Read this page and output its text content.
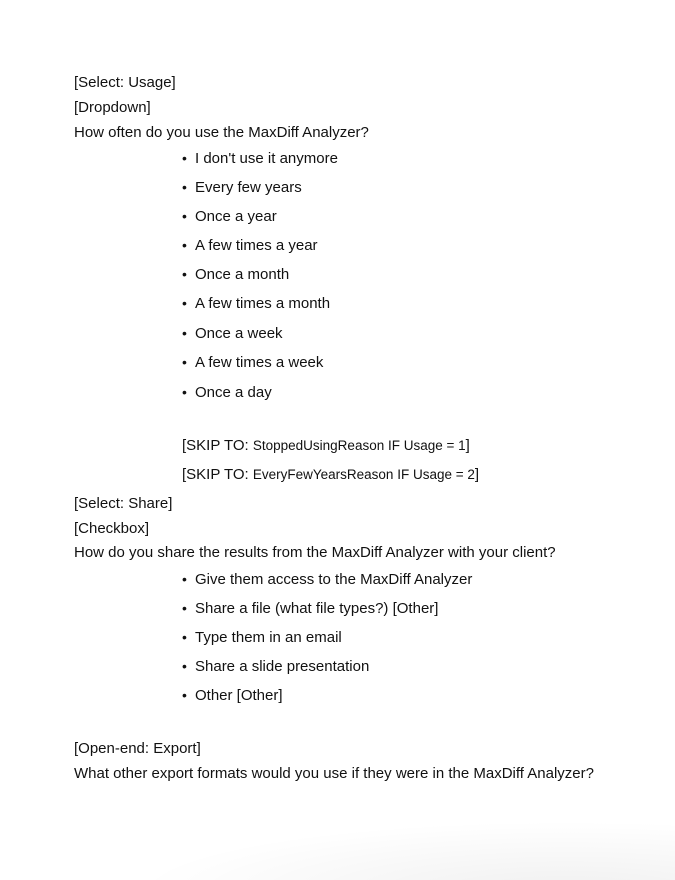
[Select: Usage]
[Dropdown]
How often do you use the MaxDiff Analyzer?
• I don't use it anymore
• Every few years
• Once a year
• A few times a year
• Once a month
• A few times a month
• Once a week
• A few times a week
• Once a day
[SKIP TO: StoppedUsingReason IF Usage = 1]
[SKIP TO: EveryFewYearsReason IF Usage = 2]
[Select: Share]
[Checkbox]
How do you share the results from the MaxDiff Analyzer with your client?
• Give them access to the MaxDiff Analyzer
• Share a file (what file types?) [Other]
• Type them in an email
• Share a slide presentation
• Other [Other]
[Open-end: Export]
What other export formats would you use if they were in the MaxDiff Analyzer?
